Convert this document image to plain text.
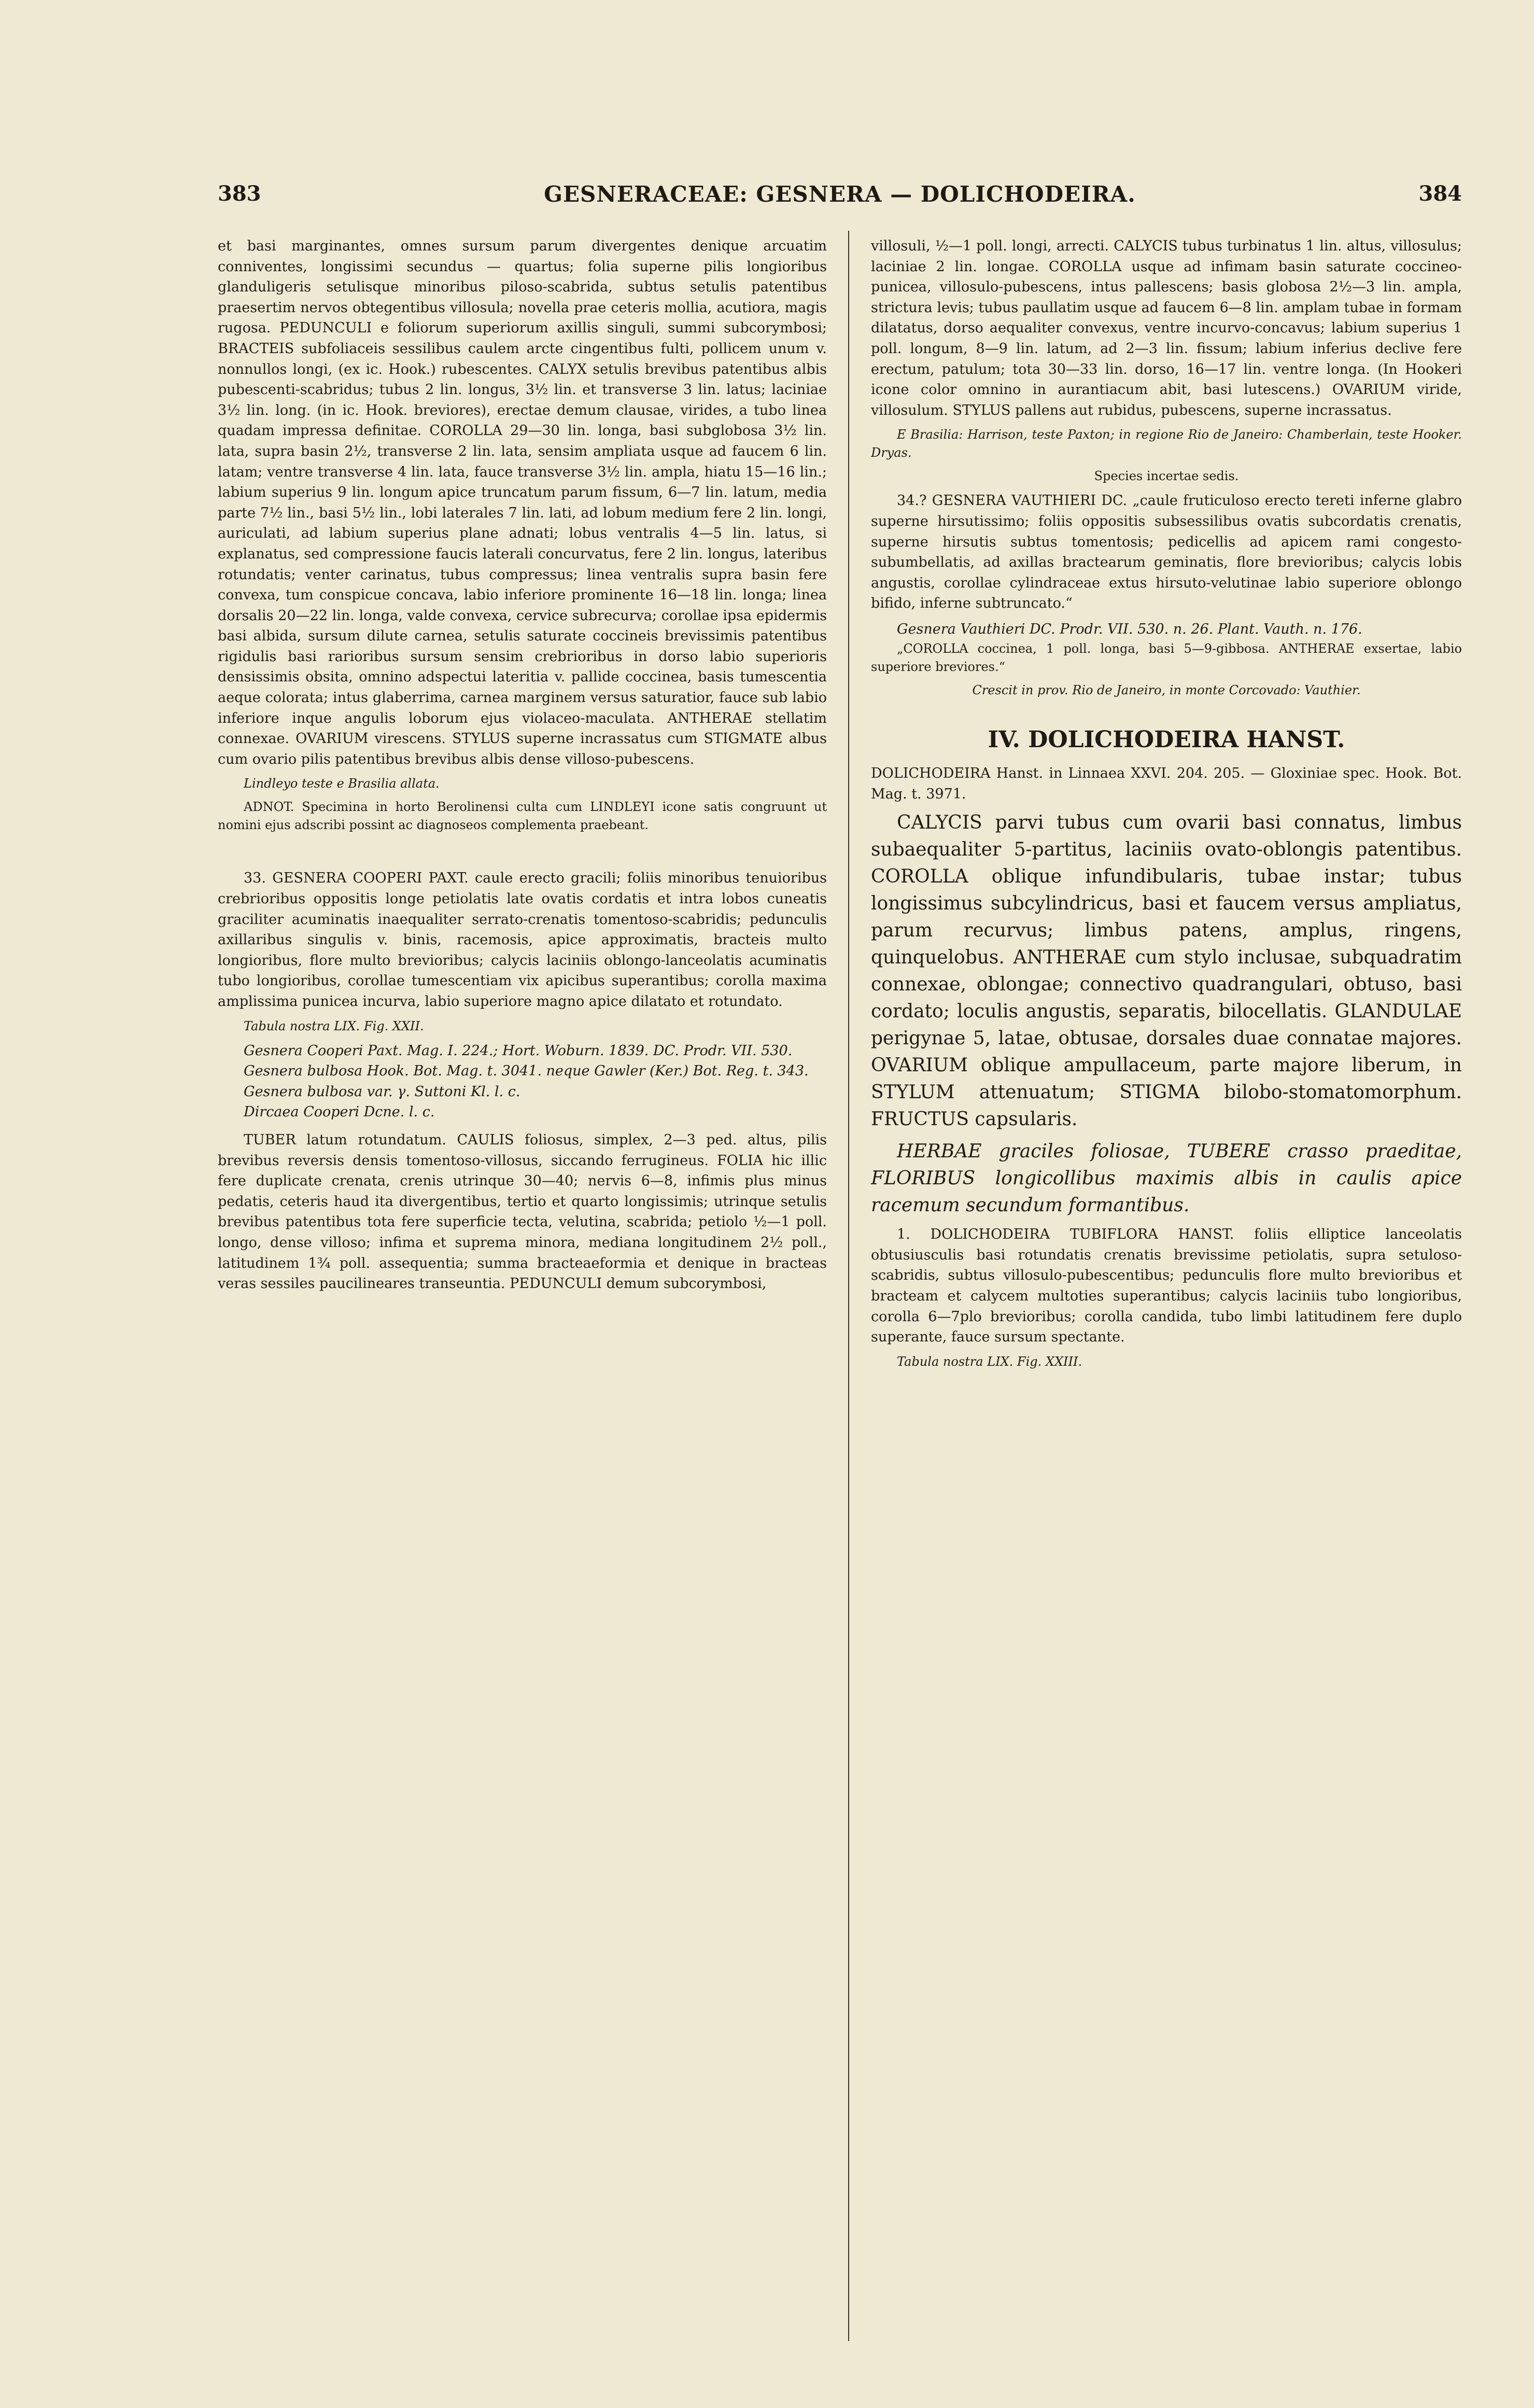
383	GESNERACEAE: GESNERA — DOLICHODEIRA.	384

et basi marginantes, omnes sursum parum divergentes denique arcuatim conniventes, longissimi secundus — quartus; folia superne pilis longioribus glanduligeris setulisque minoribus piloso-scabrida, subtus setulis patentibus praesertim nervos obtegentibus villosula; novella prae ceteris mollia, acutiora, magis rugosa. PEDUNCULI e foliorum superiorum axillis singuli, summi subcorymbosi; BRACTEIS subfoliaceis sessilibus caulem arcte cingentibus fulti, pollicem unum v. nonnullos longi, (ex ic. Hook.) rubescentes. CALYX setulis brevibus patentibus albis pubescenti-scabridus; tubus 2 lin. longus, 3½ lin. et transverse 3 lin. latus; laciniae 3½ lin. long. (in ic. Hook. breviores), erectae demum clausae, virides, a tubo linea quadam impressa definitae. COROLLA 29—30 lin. longa, basi subglobosa 3½ lin. lata, supra basin 2½, transverse 2 lin. lata, sensim ampliata usque ad faucem 6 lin. latam; ventre transverse 4 lin. lata, fauce transverse 3½ lin. ampla, hiatu 15—16 lin.; labium superius 9 lin. longum apice truncatum parum fissum, 6—7 lin. latum, media parte 7½ lin., basi 5½ lin., lobi laterales 7 lin. lati, ad lobum medium fere 2 lin. longi, auriculati, ad labium superius plane adnati; lobus ventralis 4—5 lin. latus, si explanatus, sed compressione faucis laterali concurvatus, fere 2 lin. longus, lateribus rotundatis; venter carinatus, tubus compressus; linea ventralis supra basin fere convexa, tum conspicue concava, labio inferiore prominente 16—18 lin. longa; linea dorsalis 20—22 lin. longa, valde convexa, cervice subrecurva; corollae ipsa epidermis basi albida, sursum dilute carnea, setulis saturate coccineis brevissimis patentibus rigidulis basi rarioribus sursum sensim crebrioribus in dorso labio superioris densissimis obsita, omnino adspectui lateritia v. pallide coccinea, basis tumescentia aeque colorata; intus glaberrima, carnea marginem versus saturatior, fauce sub labio inferiore inque angulis loborum ejus violaceo-maculata. ANTHERAE stellatim connexae. OVARIUM virescens. STYLUS superne incrassatus cum STIGMATE albus cum ovario pilis patentibus brevibus albis dense villoso-pubescens.

Lindleyo teste e Brasilia allata.

ADNOT. Specimina in horto Berolinensi culta cum LINDLEYI icone satis congruunt ut nomini ejus adscribi possint ac diagnoseos complementa praebeant.

33. GESNERA COOPERI PAXT. caule erecto gracili; foliis minoribus tenuioribus crebrioribus oppositis longe petiolatis late ovatis cordatis et intra lobos cuneatis graciliter acuminatis inaequaliter serrato-crenatis tomentoso-scabridis; pedunculis axillaribus singulis v. binis, racemosis, apice approximatis, bracteis multo longioribus, flore multo brevioribus; calycis laciniis oblongo-lanceolatis acuminatis tubo longioribus, corollae tumescentiam vix apicibus superantibus; corolla maxima amplissima punicea incurva, labio superiore magno apice dilatato et rotundato.

Tabula nostra LIX. Fig. XXII.

Gesnera Cooperi Paxt. Mag. I. 224.; Hort. Woburn. 1839. DC. Prodr. VII. 530.

Gesnera bulbosa Hook. Bot. Mag. t. 3041. neque Gawler (Ker.) Bot. Reg. t. 343.

Gesnera bulbosa var. γ. Suttoni Kl. l. c.

Dircaea Cooperi Dcne. l. c.

TUBER latum rotundatum. CAULIS foliosus, simplex, 2—3 ped. altus, pilis brevibus reversis densis tomentoso-villosus, siccando ferrugineus. FOLIA hic illic fere duplicate crenata, crenis utrinque 30—40; nervis 6—8, infimis plus minus pedatis, ceteris haud ita divergentibus, tertio et quarto longissimis; utrinque setulis brevibus patentibus tota fere superficie tecta, velutina, scabrida; petiolo ½—1 poll. longo, dense villoso; infima et suprema minora, mediana longitudinem 2½ poll., latitudinem 1¾ poll. assequentia; summa bracteaeformia et denique in bracteas veras sessiles paucilineares transeuntia. PEDUNCULI demum subcorymbosi,

villosuli, ½—1 poll. longi, arrecti. CALYCIS tubus turbinatus 1 lin. altus, villosulus; laciniae 2 lin. longae. COROLLA usque ad infimam basin saturate coccineo-punicea, villosulo-pubescens, intus pallescens; basis globosa 2½—3 lin. ampla, strictura levis; tubus paullatim usque ad faucem 6—8 lin. amplam tubae in formam dilatatus, dorso aequaliter convexus, ventre incurvo-concavus; labium superius 1 poll. longum, 8—9 lin. latum, ad 2—3 lin. fissum; labium inferius declive fere erectum, patulum; tota 30—33 lin. dorso, 16—17 lin. ventre longa. (In Hookeri icone color omnino in aurantiacum abit, basi lutescens.) OVARIUM viride, villosulum. STYLUS pallens aut rubidus, pubescens, superne incrassatus.

E Brasilia: Harrison, teste Paxton; in regione Rio de Janeiro: Chamberlain, teste Hooker. Dryas.

Species incertae sedis.

34.? GESNERA VAUTHIERI DC. „caule fruticuloso erecto tereti inferne glabro superne hirsutissimo; foliis oppositis subsessilibus ovatis subcordatis crenatis, superne hirsutis subtus tomentosis; pedicellis ad apicem rami congesto-subumbellatis, ad axillas bractearum geminatis, flore brevioribus; calycis lobis angustis, corollae cylindraceae extus hirsuto-velutinae labio superiore oblongo bifido, inferne subtruncato.“

Gesnera Vauthieri DC. Prodr. VII. 530. n. 26. Plant. Vauth. n. 176.

„COROLLA coccinea, 1 poll. longa, basi 5—9-gibbosa. ANTHERAE exsertae, labio superiore breviores.“

Crescit in prov. Rio de Janeiro, in monte Corcovado: Vauthier.

IV. DOLICHODEIRA HANST.

DOLICHODEIRA Hanst. in Linnaea XXVI. 204. 205. — Gloxiniae spec. Hook. Bot. Mag. t. 3971.

CALYCIS parvi tubus cum ovarii basi connatus, limbus subaequaliter 5-partitus, laciniis ovato-oblongis patentibus. COROLLA oblique infundibularis, tubae instar; tubus longissimus subcylindricus, basi et faucem versus ampliatus, parum recurvus; limbus patens, amplus, ringens, quinquelobus. ANTHERAE cum stylo inclusae, subquadratim connexae, oblongae; connectivo quadrangulari, obtuso, basi cordato; loculis angustis, separatis, bilocellatis. GLANDULAE perigynae 5, latae, obtusae, dorsales duae connatae majores. OVARIUM oblique ampullaceum, parte majore liberum, in STYLUM attenuatum; STIGMA bilobo-stomatomorphum. FRUCTUS capsularis.

HERBAE graciles foliosae, TUBERE crasso praeditae, FLORIBUS longicollibus maximis albis in caulis apice racemum secundum formantibus.

1. DOLICHODEIRA TUBIFLORA HANST. foliis elliptice lanceolatis obtusiusculis basi rotundatis crenatis brevissime petiolatis, supra setuloso-scabridis, subtus villosulo-pubescentibus; pedunculis flore multo brevioribus et bracteam et calycem multoties superantibus; calycis laciniis tubo longioribus, corolla 6—7plo brevioribus; corolla candida, tubo limbi latitudinem fere duplo superante, fauce sursum spectante.

Tabula nostra LIX. Fig. XXIII.
